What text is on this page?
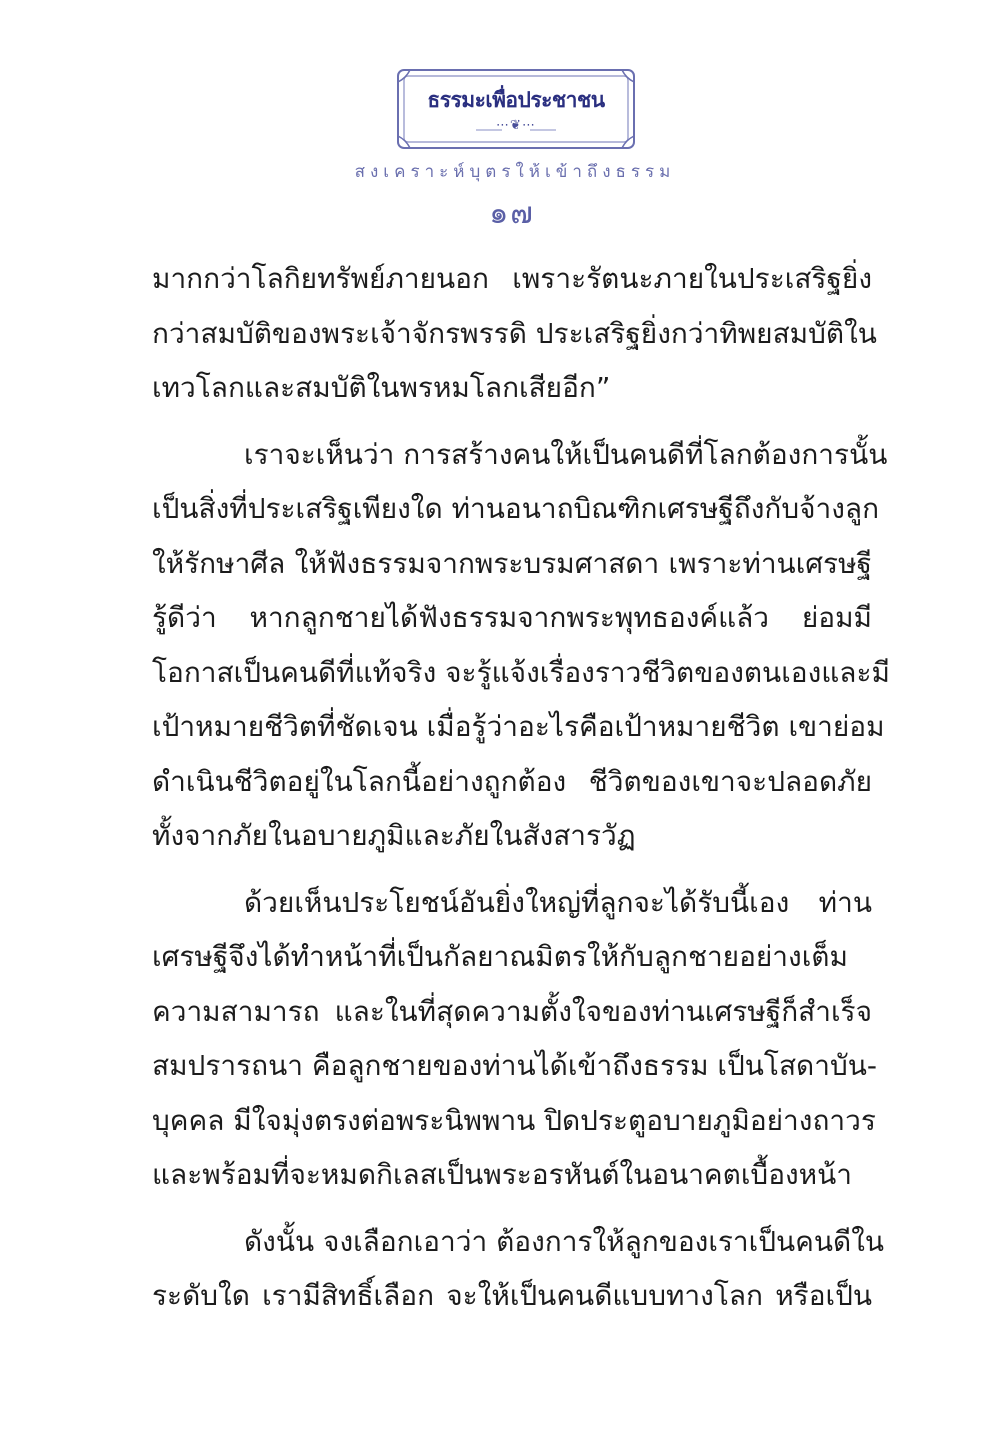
ธรรมะเพื่อประชาชน
⋯❦⋯
สงเคราะห์บุตรให้เข้าถึงธรรม
๑๗
มากกว่าโลกิยทรัพย์ภายนอก เพราะรัตนะภายในประเสริฐยิ่ง
กว่าสมบัติของพระเจ้าจักรพรรดิ ประเสริฐยิ่งกว่าทิพยสมบัติใน
เทวโลกและสมบัติในพรหมโลกเสียอีก”
เราจะเห็นว่า การสร้างคนให้เป็นคนดีที่โลกต้องการนั้น
เป็นสิ่งที่ประเสริฐเพียงใด ท่านอนาถบิณฑิกเศรษฐีถึงกับจ้างลูก
ให้รักษาศีล ให้ฟังธรรมจากพระบรมศาสดา เพราะท่านเศรษฐี
รู้ดีว่า หากลูกชายได้ฟังธรรมจากพระพุทธองค์แล้ว ย่อมมี
โอกาสเป็นคนดีที่แท้จริง จะรู้แจ้งเรื่องราวชีวิตของตนเองและมี
เป้าหมายชีวิตที่ชัดเจน เมื่อรู้ว่าอะไรคือเป้าหมายชีวิต เขาย่อม
ดำเนินชีวิตอยู่ในโลกนี้อย่างถูกต้อง ชีวิตของเขาจะปลอดภัย
ทั้งจากภัยในอบายภูมิและภัยในสังสารวัฏ
ด้วยเห็นประโยชน์อันยิ่งใหญ่ที่ลูกจะได้รับนี้เอง ท่าน
เศรษฐีจึงได้ทำหน้าที่เป็นกัลยาณมิตรให้กับลูกชายอย่างเต็ม
ความสามารถ และในที่สุดความตั้งใจของท่านเศรษฐีก็สำเร็จ
สมปรารถนา คือลูกชายของท่านได้เข้าถึงธรรม เป็นโสดาบัน-
บุคคล มีใจมุ่งตรงต่อพระนิพพาน ปิดประตูอบายภูมิอย่างถาวร
และพร้อมที่จะหมดกิเลสเป็นพระอรหันต์ในอนาคตเบื้องหน้า
ดังนั้น จงเลือกเอาว่า ต้องการให้ลูกของเราเป็นคนดีใน
ระดับใด เรามีสิทธิ์เลือก จะให้เป็นคนดีแบบทางโลก หรือเป็น
